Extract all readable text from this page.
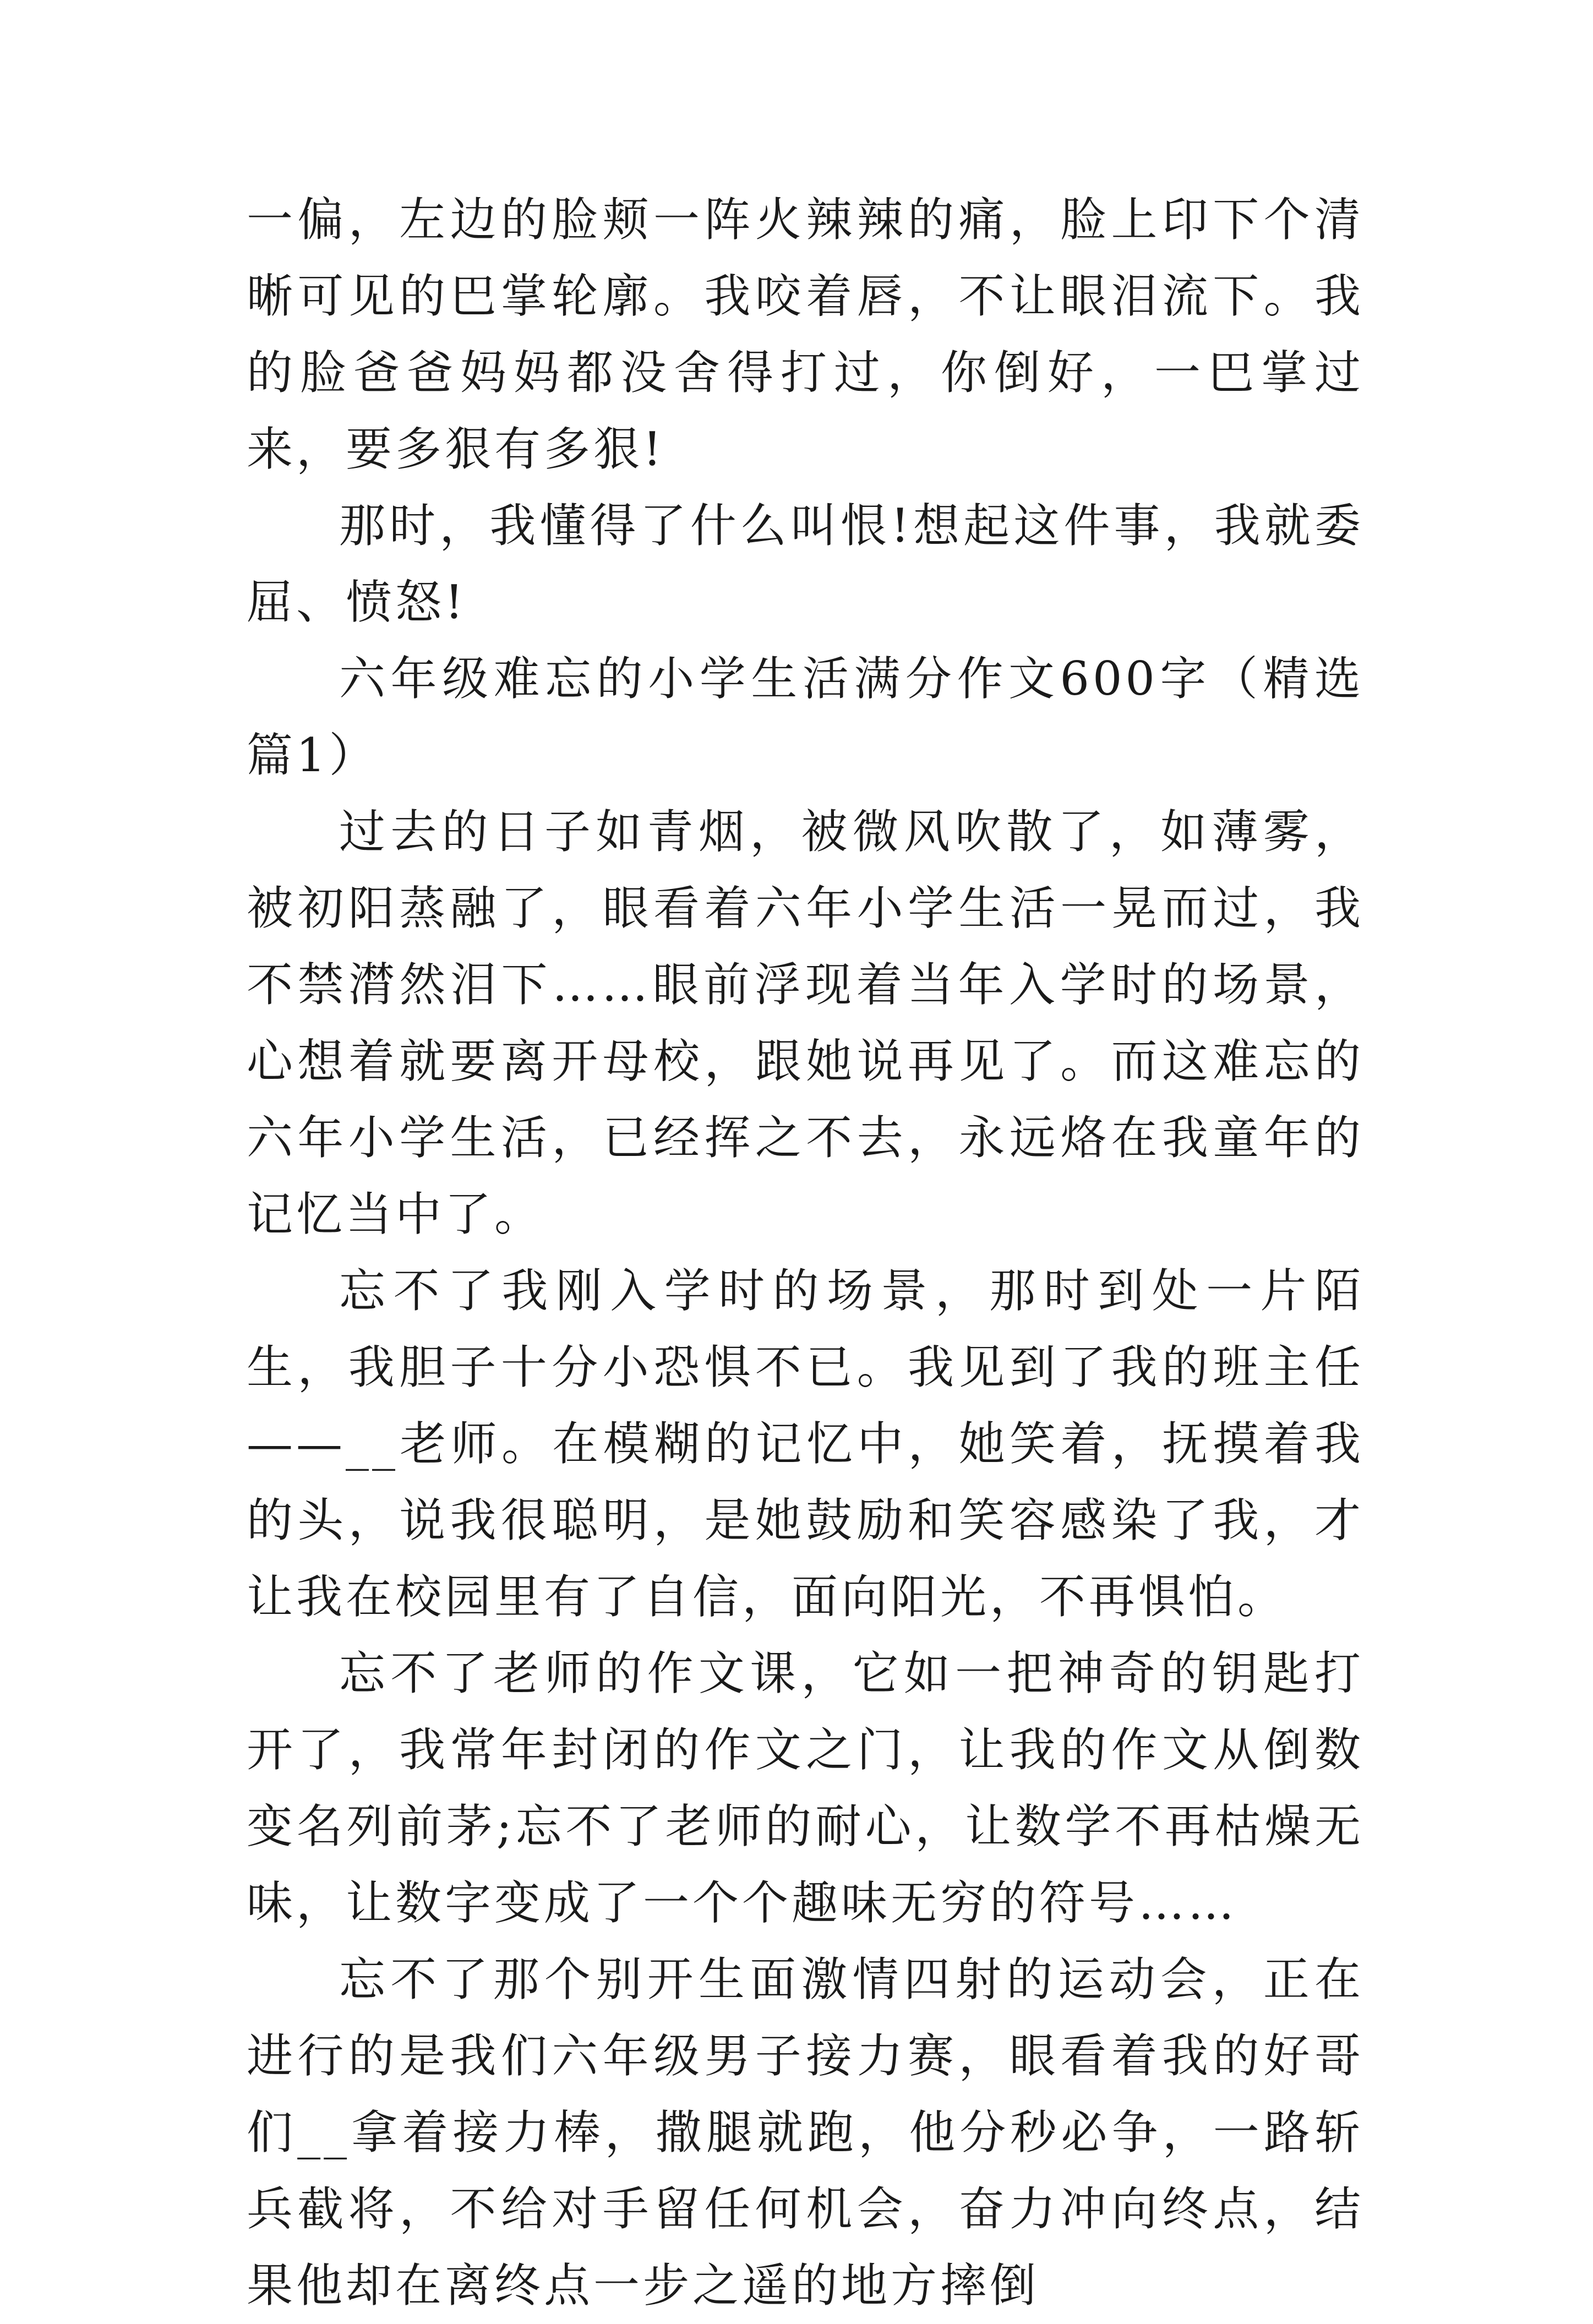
一偏，左边的脸颊一阵火辣辣的痛，脸上印下个清晰可见的巴掌轮廓。我咬着唇，不让眼泪流下。我的脸爸爸妈妈都没舍得打过，你倒好，一巴掌过来，要多狠有多狠!

那时，我懂得了什么叫恨!想起这件事，我就委屈、愤怒!

六年级难忘的小学生活满分作文600字（精选篇1）

过去的日子如青烟，被微风吹散了，如薄雾，被初阳蒸融了，眼看着六年小学生活一晃而过，我不禁潸然泪下……眼前浮现着当年入学时的场景，心想着就要离开母校，跟她说再见了。而这难忘的六年小学生活，已经挥之不去，永远烙在我童年的记忆当中了。

忘不了我刚入学时的场景，那时到处一片陌生，我胆子十分小恐惧不已。我见到了我的班主任——__老师。在模糊的记忆中，她笑着，抚摸着我的头，说我很聪明，是她鼓励和笑容感染了我，才让我在校园里有了自信，面向阳光，不再惧怕。

忘不了老师的作文课，它如一把神奇的钥匙打开了，我常年封闭的作文之门，让我的作文从倒数变名列前茅;忘不了老师的耐心，让数学不再枯燥无味，让数字变成了一个个趣味无穷的符号……

忘不了那个别开生面激情四射的运动会，正在进行的是我们六年级男子接力赛，眼看着我的好哥们__拿着接力棒，撒腿就跑，他分秒必争，一路斩兵截将，不给对手留任何机会，奋力冲向终点，结果他却在离终点一步之遥的地方摔倒
